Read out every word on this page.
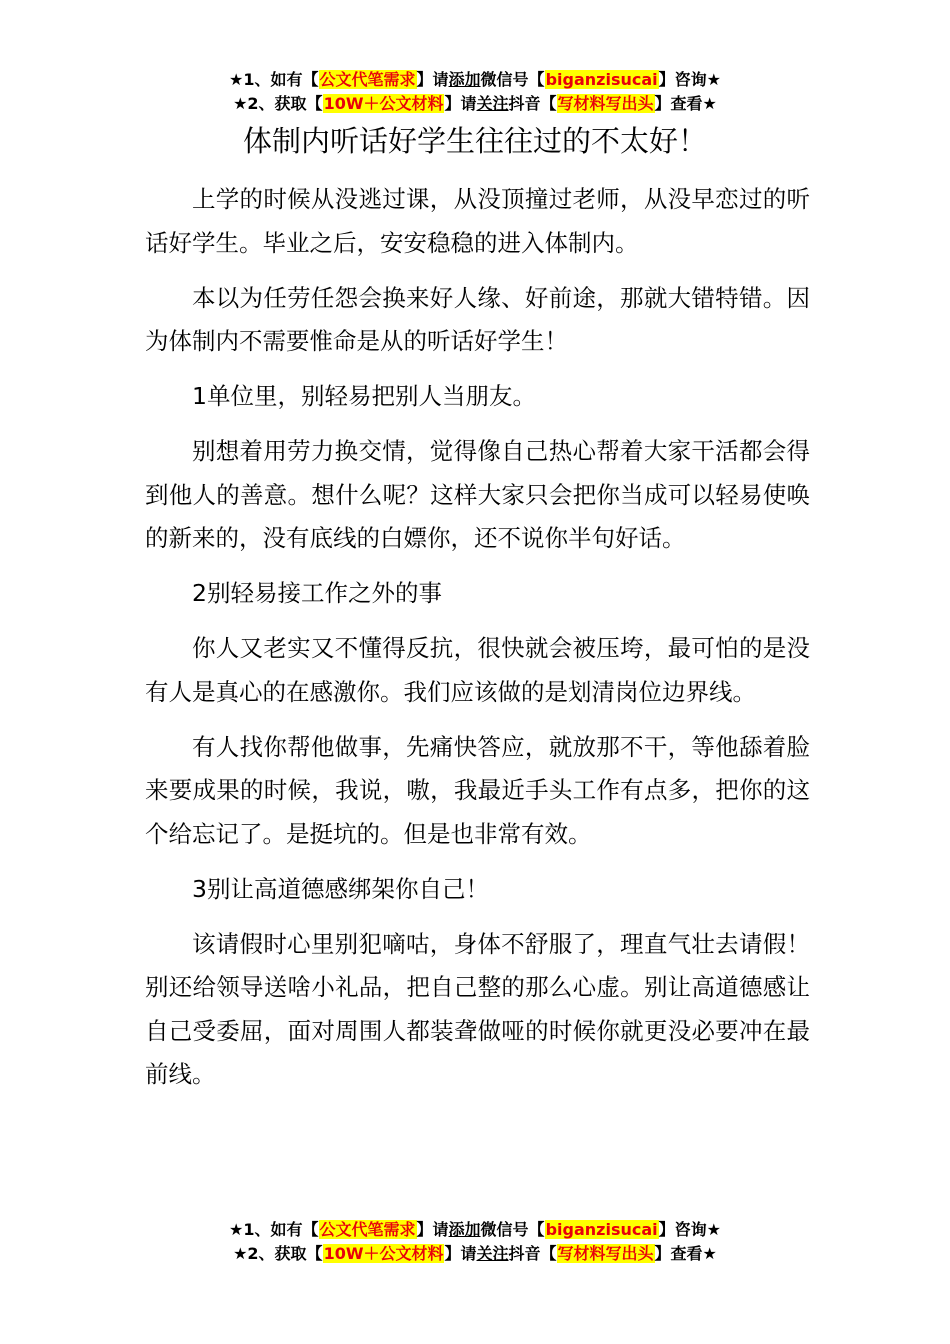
★1、如有【公文代笔需求】请添加微信号【biganzisucai】咨询★
★2、获取【10W＋公文材料】请关注抖音【写材料写出头】查看★
体制内听话好学生往往过的不太好！

上学的时候从没逃过课，从没顶撞过老师，从没早恋过的听话好学生。毕业之后，安安稳稳的进入体制内。

本以为任劳任怨会换来好人缘、好前途，那就大错特错。因为体制内不需要惟命是从的听话好学生！

1单位里，别轻易把别人当朋友。

别想着用劳力换交情，觉得像自己热心帮着大家干活都会得到他人的善意。想什么呢？这样大家只会把你当成可以轻易使唤的新来的，没有底线的白嫖你，还不说你半句好话。

2别轻易接工作之外的事

你人又老实又不懂得反抗，很快就会被压垮，最可怕的是没有人是真心的在感激你。我们应该做的是划清岗位边界线。

有人找你帮他做事，先痛快答应，就放那不干，等他舔着脸来要成果的时候，我说，嗷，我最近手头工作有点多，把你的这个给忘记了。是挺坑的。但是也非常有效。

3别让高道德感绑架你自己！

该请假时心里别犯嘀咕，身体不舒服了，理直气壮去请假！别还给领导送啥小礼品，把自己整的那么心虚。别让高道德感让自己受委屈，面对周围人都装聋做哑的时候你就更没必要冲在最前线。

★1、如有【公文代笔需求】请添加微信号【biganzisucai】咨询★
★2、获取【10W＋公文材料】请关注抖音【写材料写出头】查看★
